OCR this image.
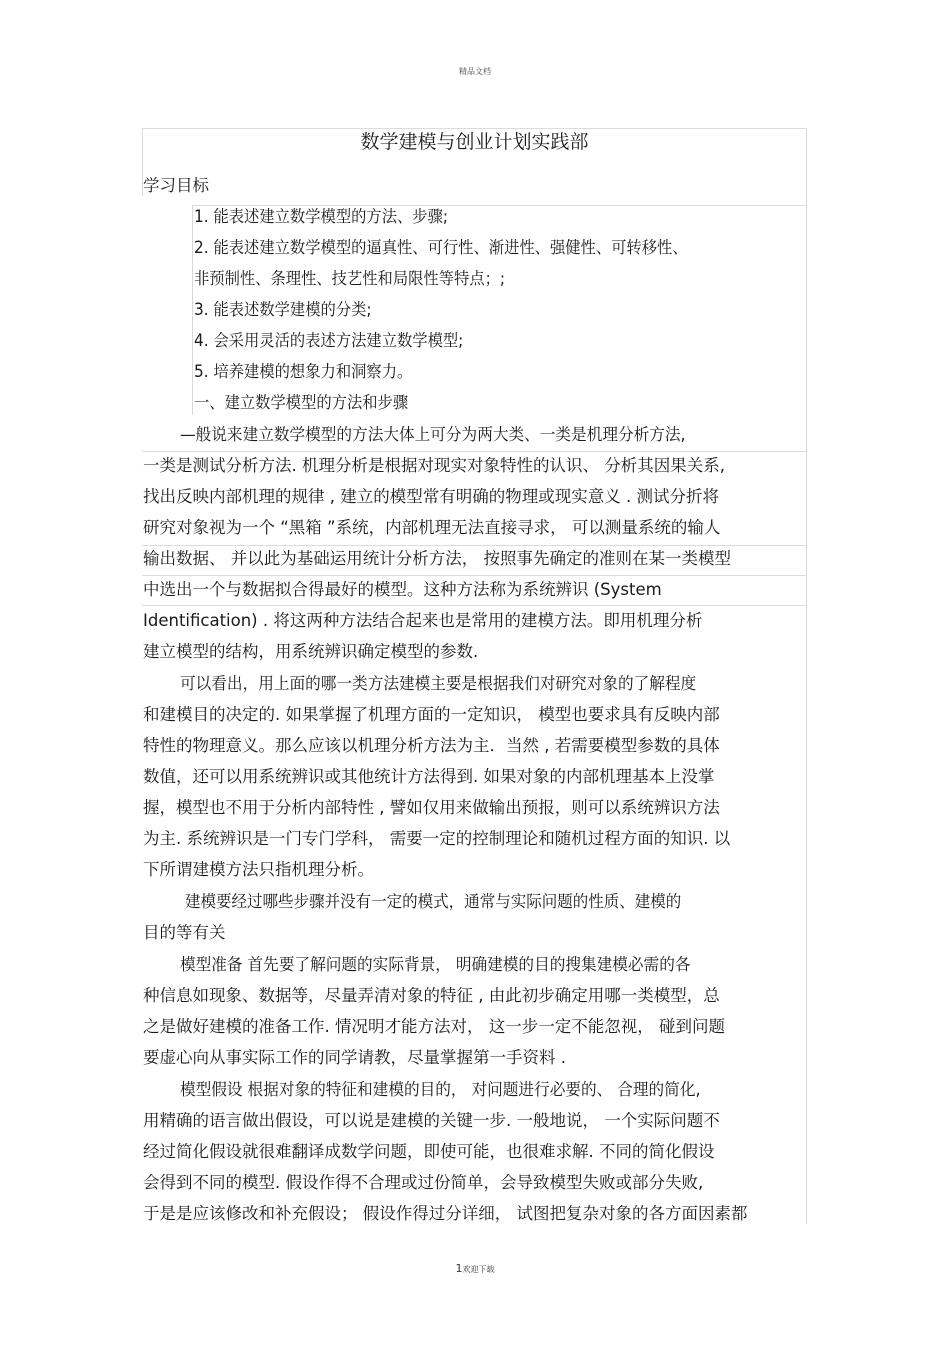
精品文档
数学建模与创业计划实践部
学习目标
1. 能表述建立数学模型的方法、步骤;
2. 能表述建立数学模型的逼真性、可行性、渐进性、强健性、可转移性、
非预制性、条理性、技艺性和局限性等特点；;
3. 能表述数学建模的分类;
4. 会采用灵活的表述方法建立数学模型;
5. 培养建模的想象力和洞察力。
一、建立数学模型的方法和步骤
—般说来建立数学模型的方法大体上可分为两大类、一类是机理分析方法,
一类是测试分析方法. 机理分析是根据对现实对象特性的认识、 分析其因果关系,
找出反映内部机理的规律 , 建立的模型常有明确的物理或现实意义 . 测试分折将
研究对象视为一个 “黑箱 ”系统，内部机理无法直接寻求， 可以测量系统的输人
输出数据、 并以此为基础运用统计分析方法， 按照事先确定的准则在某一类模型
中选出一个与数据拟合得最好的模型。这种方法称为系统辨识 (System
Identification) . 将这两种方法结合起来也是常用的建模方法。即用机理分析
建立模型的结构，用系统辨识确定模型的参数.
可以看出，用上面的哪一类方法建模主要是根据我们对研究对象的了解程度
和建模目的决定的. 如果掌握了机理方面的一定知识， 模型也要求具有反映内部
特性的物理意义。那么应该以机理分析方法为主．当然 , 若需要模型参数的具体
数值，还可以用系统辨识或其他统计方法得到. 如果对象的内部机理基本上没掌
握，模型也不用于分析内部特性 , 譬如仅用来做输出预报，则可以系统辨识方法
为主. 系统辨识是一门专门学科， 需要一定的控制理论和随机过程方面的知识. 以
下所谓建模方法只指机理分析。
建模要经过哪些步骤并没有一定的模式，通常与实际问题的性质、建模的
目的等有关
模型准备 首先要了解问题的实际背景， 明确建模的目的搜集建模必需的各
种信息如现象、数据等，尽量弄清对象的特征 , 由此初步确定用哪一类模型，总
之是做好建模的准备工作. 情况明才能方法对， 这一步一定不能忽视， 碰到问题
要虚心向从事实际工作的同学请教，尽量掌握第一手资料 .
模型假设 根据对象的特征和建模的目的， 对问题进行必要的、 合理的简化,
用精确的语言做出假设，可以说是建模的关键一步. 一般地说， 一个实际问题不
经过简化假设就很难翻译成数学问题，即使可能，也很难求解. 不同的简化假设
会得到不同的模型. 假设作得不合理或过份简单，会导致模型失败或部分失败,
于是是应该修改和补充假设； 假设作得过分详细， 试图把复杂对象的各方面因素都
1欢迎下载
